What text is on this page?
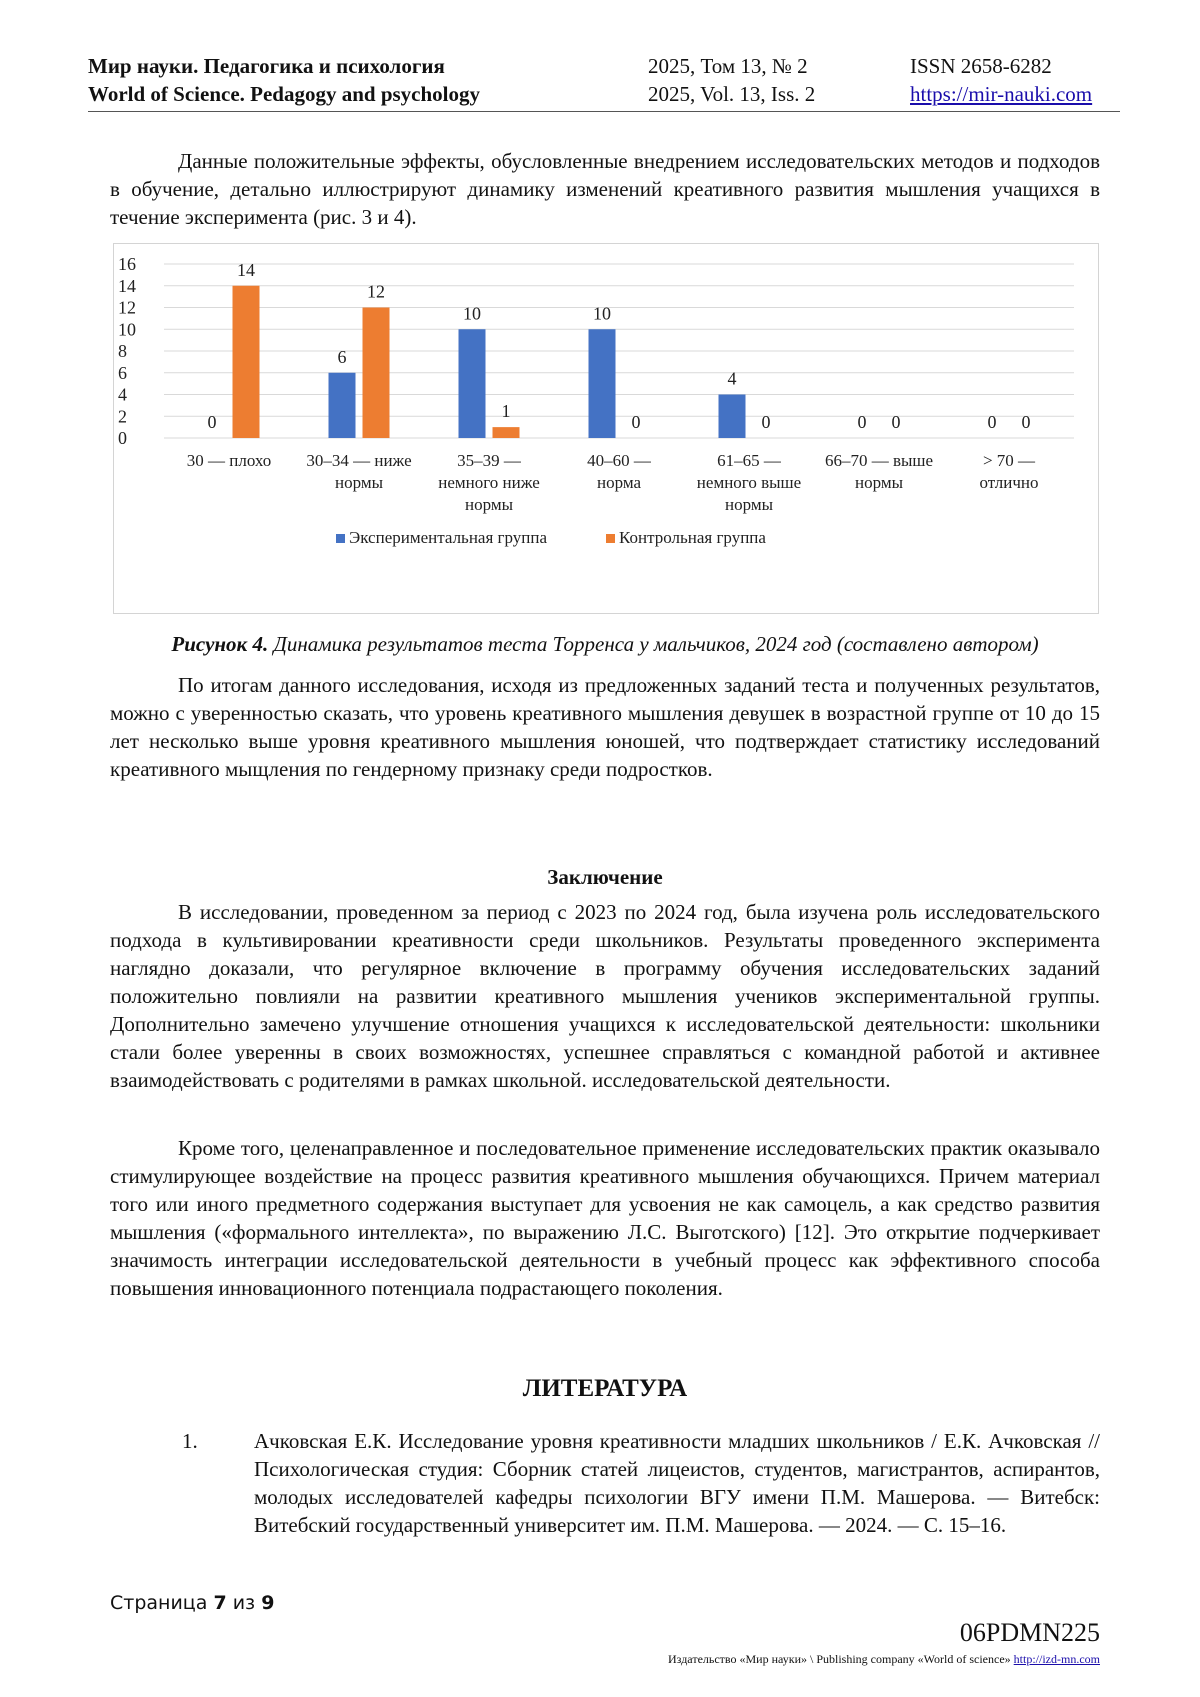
Мир науки. Педагогика и психология
World of Science. Pedagogy and psychology
2025, Том 13, № 2
2025, Vol. 13, Iss. 2
ISSN 2658-6282
https://mir-nauki.com
Данные положительные эффекты, обусловленные внедрением исследовательских методов и подходов в обучение, детально иллюстрируют динамику изменений креативного развития мышления учащихся в течение эксперимента (рис. 3 и 4).
0
2
4
6
8
10
12
14
16
0
14
30 — плохо
6
12
30–34 — ниже
нормы
10
1
35–39 —
немного ниже
нормы
10
0
40–60 —
норма
4
0
61–65 —
немного выше
нормы
0 0
66–70 — выше
нормы
0 0
> 70 —
отлично
Экспериментальная группа	Контрольная группа
Рисунок 4. Динамика результатов теста Торренса у мальчиков, 2024 год (составлено автором)
По итогам данного исследования, исходя из предложенных заданий теста и полученных результатов, можно с уверенностью сказать, что уровень креативного мышления девушек в возрастной группе от 10 до 15 лет несколько выше уровня креативного мышления юношей, что подтверждает статистику исследований креативного мыщления по гендерному признаку среди подростков.
Заключение
В исследовании, проведенном за период с 2023 по 2024 год, была изучена роль исследовательского подхода в культивировании креативности среди школьников. Результаты проведенного эксперимента наглядно доказали, что регулярное включение в программу обучения исследовательских заданий положительно повлияли на развитии креативного мышления учеников экспериментальной группы. Дополнительно замечено улучшение отношения учащихся к исследовательской деятельности: школьники стали более уверенны в своих возможностях, успешнее справляться с командной работой и активнее взаимодействовать с родителями в рамках школьной. исследовательской деятельности.
Кроме того, целенаправленное и последовательное применение исследовательских практик оказывало стимулирующее воздействие на процесс развития креативного мышления обучающихся. Причем материал того или иного предметного содержания выступает для усвоения не как самоцель, а как средство развития мышления («формального интеллекта», по выражению Л.С. Выготского) [12]. Это открытие подчеркивает значимость интеграции исследовательской деятельности в учебный процесс как эффективного способа повышения инновационного потенциала подрастающего поколения.
ЛИТЕРАТУРА
1.	Ачковская Е.К. Исследование уровня креативности младших школьников / Е.К. Ачковская // Психологическая студия: Сборник статей лицеистов, студентов, магистрантов, аспирантов, молодых исследователей кафедры психологии ВГУ имени П.М. Машерова. — Витебск: Витебский государственный университет им. П.М. Машерова. — 2024. — С. 15–16.
Страница 7 из 9
06PDMN225
Издательство «Мир науки» \ Publishing company «World of science» http://izd-mn.com
